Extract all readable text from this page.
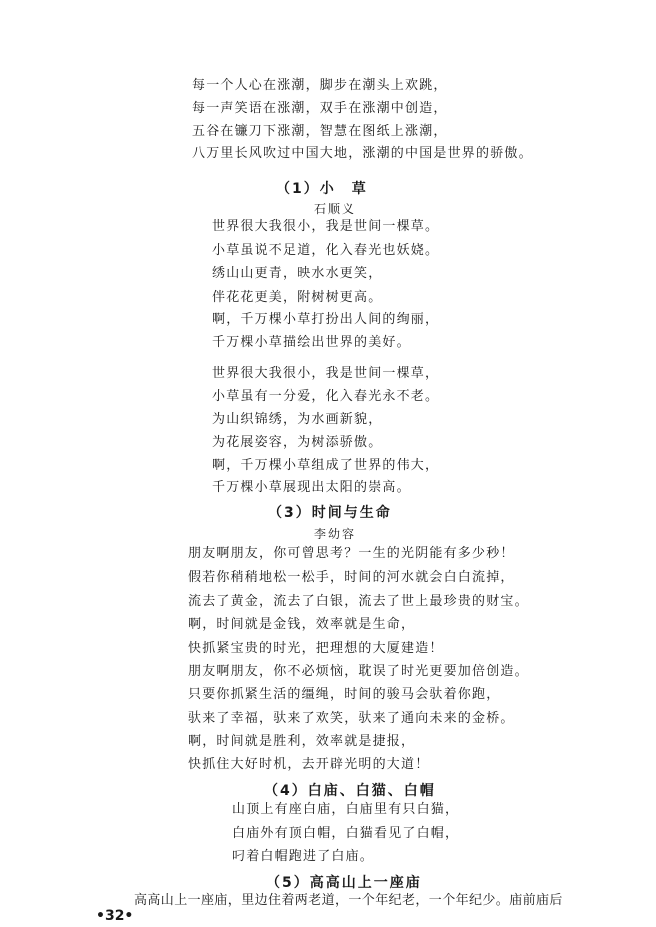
每一个人心在涨潮，脚步在潮头上欢跳，
每一声笑语在涨潮，双手在涨潮中创造，
五谷在镰刀下涨潮，智慧在图纸上涨潮，
八万里长风吹过中国大地，涨潮的中国是世界的骄傲。
（1）小　草
石顺义
世界很大我很小，我是世间一棵草。
小草虽说不足道，化入春光也妖娆。
绣山山更青，映水水更笑，
伴花花更美，附树树更高。
啊，千万棵小草打扮出人间的绚丽，
千万棵小草描绘出世界的美好。
世界很大我很小，我是世间一棵草，
小草虽有一分爱，化入春光永不老。
为山织锦绣，为水画新貌，
为花展姿容，为树添骄傲。
啊，千万棵小草组成了世界的伟大，
千万棵小草展现出太阳的崇高。
（3）时间与生命
李幼容
朋友啊朋友，你可曾思考？一生的光阴能有多少秒！
假若你稍稍地松一松手，时间的河水就会白白流掉，
流去了黄金，流去了白银，流去了世上最珍贵的财宝。
啊，时间就是金钱，效率就是生命，
快抓紧宝贵的时光，把理想的大厦建造！
朋友啊朋友，你不必烦恼，耽误了时光更要加倍创造。
只要你抓紧生活的缰绳，时间的骏马会驮着你跑，
驮来了幸福，驮来了欢笑，驮来了通向未来的金桥。
啊，时间就是胜利，效率就是捷报，
快抓住大好时机，去开辟光明的大道！
（4）白庙、白猫、白帽
山顶上有座白庙，白庙里有只白猫，
白庙外有顶白帽，白猫看见了白帽，
叼着白帽跑进了白庙。
（5）高高山上一座庙
高高山上一座庙，里边住着两老道，一个年纪老，一个年纪少。庙前庙后
•32•
